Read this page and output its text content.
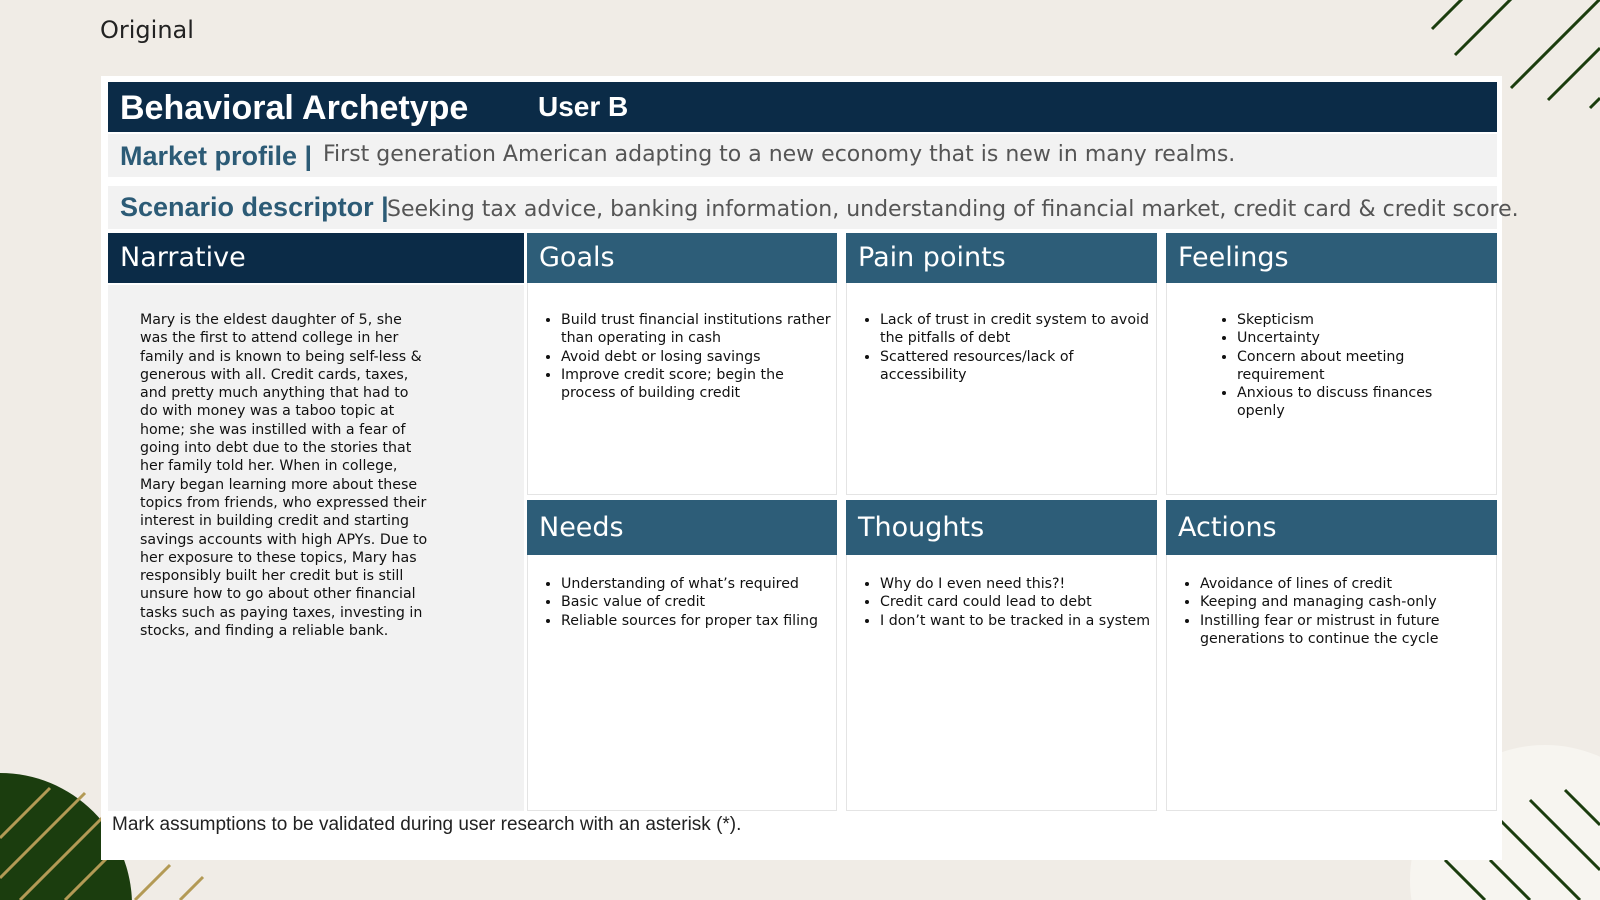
Original
Behavioral Archetype User B
Market profile | First generation American adapting to a new economy that is new in many realms.
Scenario descriptor |
Seeking tax advice, banking information, understanding of financial market, credit card & credit score.
Narrative
Mary is the eldest daughter of 5, she was the first to attend college in her family and is known to being self-less & generous with all. Credit cards, taxes, and pretty much anything that had to do with money was a taboo topic at home; she was instilled with a fear of going into debt due to the stories that her family told her. When in college, Mary began learning more about these topics from friends, who expressed their interest in building credit and starting savings accounts with high APYs. Due to her exposure to these topics, Mary has responsibly built her credit but is still unsure how to go about other financial tasks such as paying taxes, investing in stocks, and finding a reliable bank.
Goals
• Build trust financial institutions rather than operating in cash
• Avoid debt or losing savings
• Improve credit score; begin the process of building credit
Pain points
• Lack of trust in credit system to avoid the pitfalls of debt
• Scattered resources/lack of accessibility
Feelings
• Skepticism
• Uncertainty
• Concern about meeting requirement
• Anxious to discuss finances openly
Needs
• Understanding of what’s required
• Basic value of credit
• Reliable sources for proper tax filing
Thoughts
• Why do I even need this?!
• Credit card could lead to debt
• I don’t want to be tracked in a system
Actions
• Avoidance of lines of credit
• Keeping and managing cash-only
• Instilling fear or mistrust in future generations to continue the cycle
Mark assumptions to be validated during user research with an asterisk (*).
